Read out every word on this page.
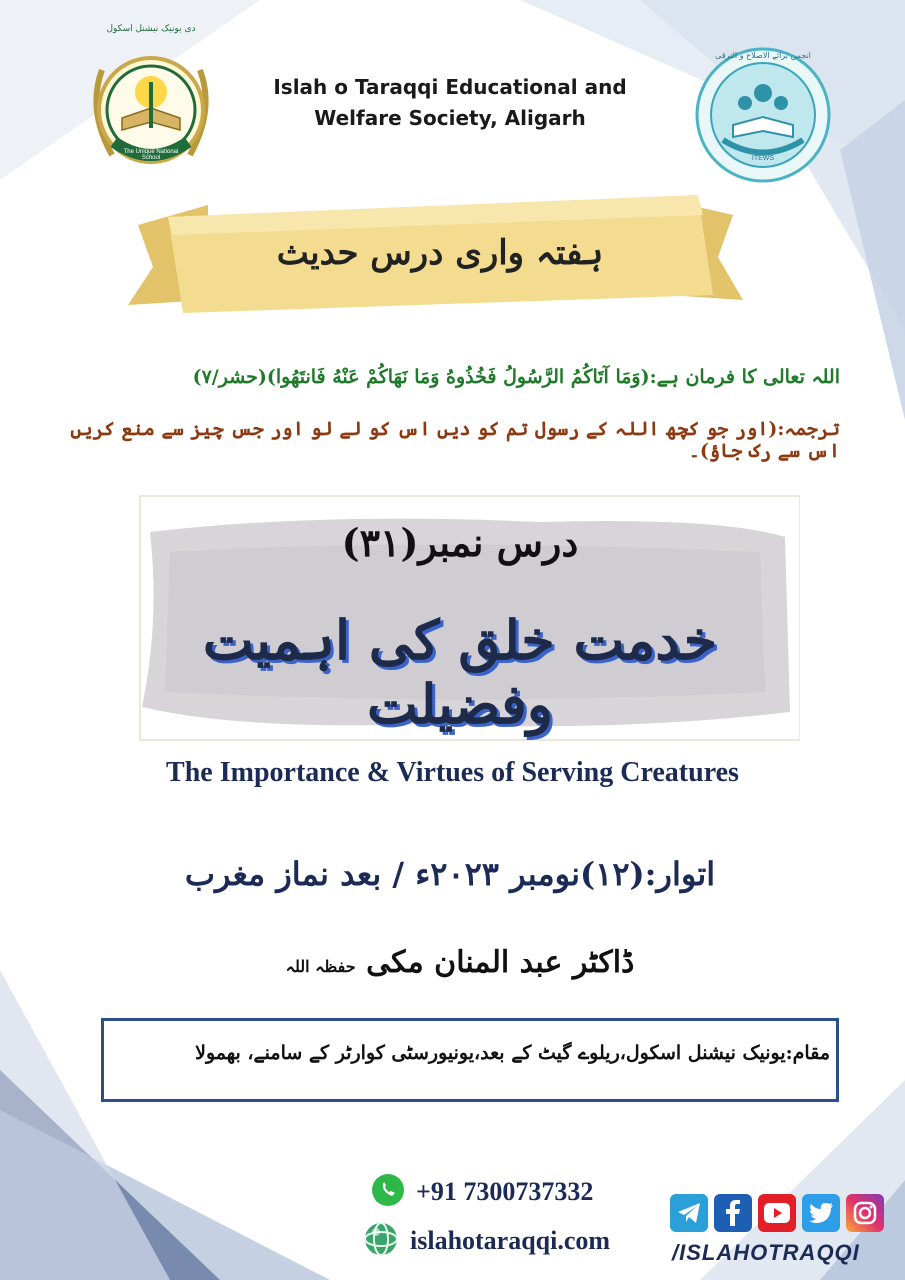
دی یونیک نیشنل اسکول
The Unique National School
Islah o Taraqqi Educational and
Welfare Society, Aligarh
انجمن برائے الاصلاح و الترقی
ITEWS
ہفتہ واری درس حدیث
اللہ تعالی کا فرمان ہے:(وَمَا آتَاكُمُ الرَّسُولُ فَخُذُوهُ وَمَا نَهَاكُمْ عَنْهُ فَانتَهُوا)(حشر/۷)
ترجمہ:(اور جو کچھ اللہ کے رسول تم کو دیں اس کو لے لو اور جس چیز سے منع کریں اس سے رک جاؤ)۔
درس نمبر(۳۱)
خدمت خلق کی اہمیت وفضیلت
The Importance & Virtues of Serving Creatures
اتوار:(۱۲)نومبر ۲۰۲۳ء / بعد نماز مغرب
ڈاکٹر عبد المنان مکی حفظہ اللہ
مقام:یونیک نیشنل اسکول،ریلوے گیٹ کے بعد،یونیورسٹی کوارٹر کے سامنے، بھمولا
+91 7300737332
islahotaraqqi.com	/ISLAHOTRAQQI
